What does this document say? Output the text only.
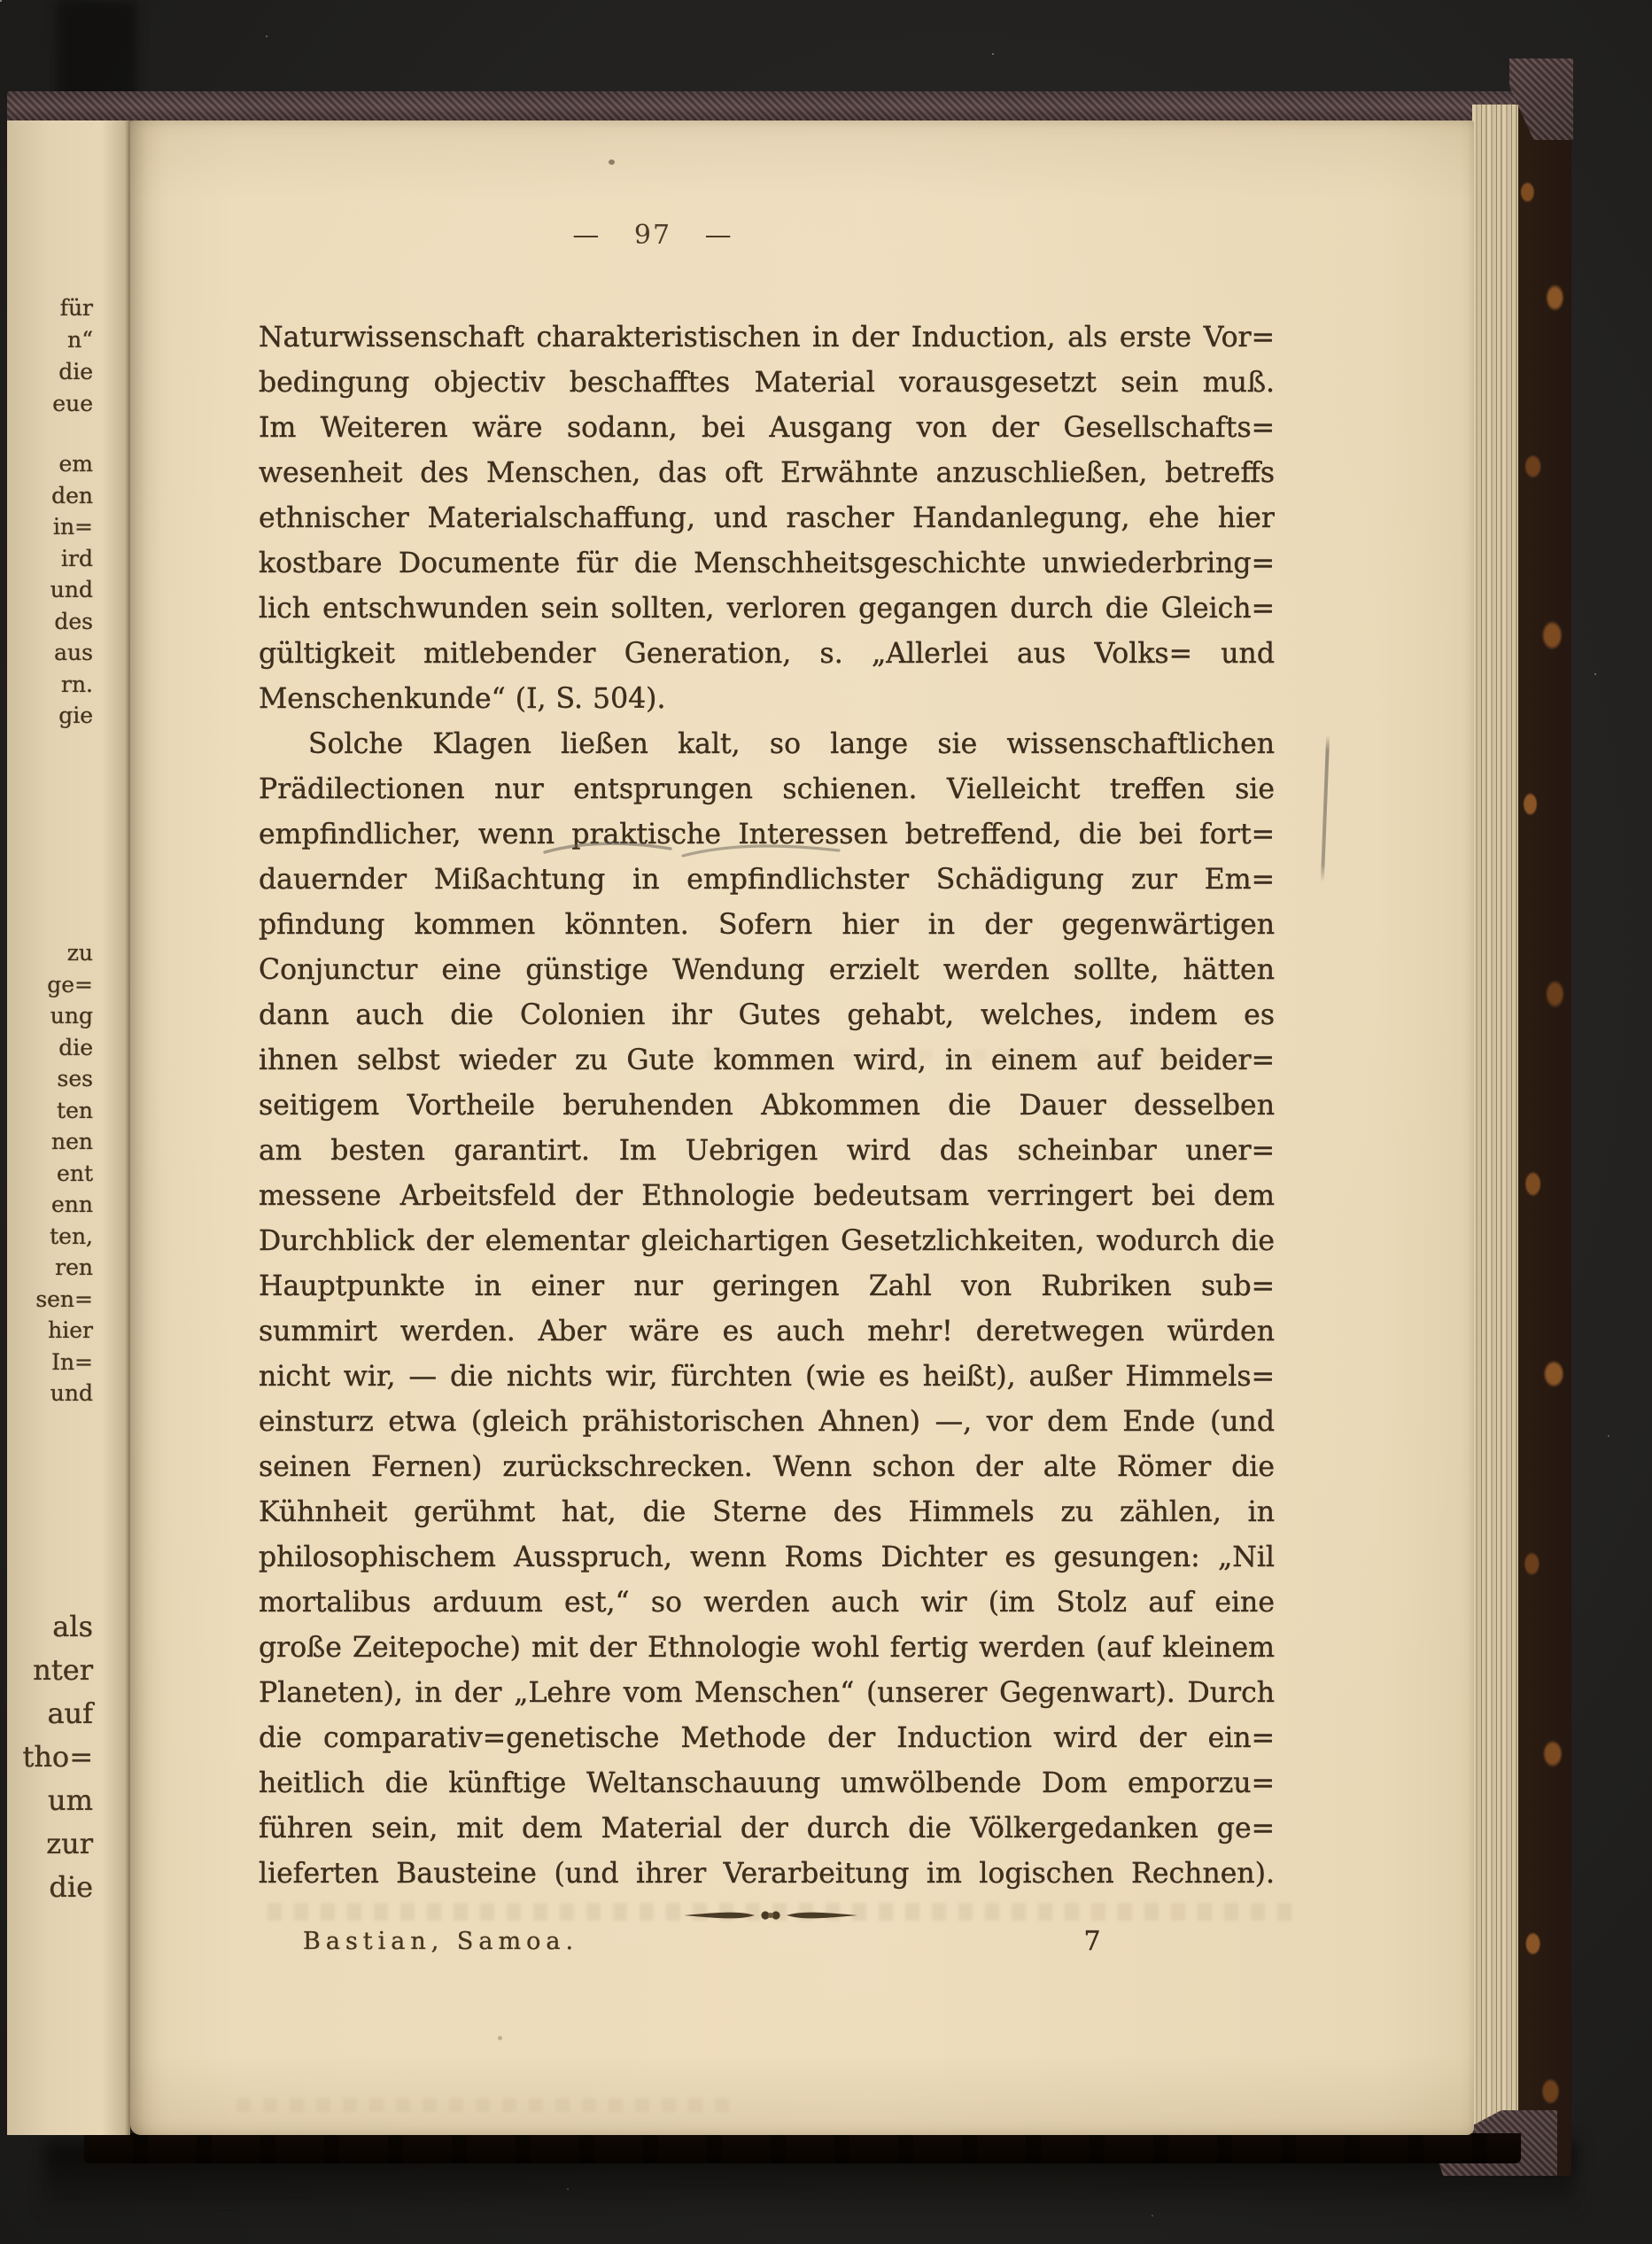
für
n“
die
eue
em
den
in=
ird
und
des
aus
rn.
gie
zu
ge=
ung
die
ses
ten
nen
ent
enn
ten,
ren
sen=
hier
In=
und
als
nter
auf
tho=
um
zur
die
— 97 —
Naturwissenschaft charakteristischen in der Induction, als erste Vor=
bedingung objectiv beschafftes Material vorausgesetzt sein muß.
Im Weiteren wäre sodann, bei Ausgang von der Gesellschafts=
wesenheit des Menschen, das oft Erwähnte anzuschließen, betreffs
ethnischer Materialschaffung, und rascher Handanlegung, ehe hier
kostbare Documente für die Menschheitsgeschichte unwiederbring=
lich entschwunden sein sollten, verloren gegangen durch die Gleich=
gültigkeit mitlebender Generation, s. „Allerlei aus Volks= und
Menschenkunde“ (I, S. 504).
Solche Klagen ließen kalt, so lange sie wissenschaftlichen
Prädilectionen nur entsprungen schienen. Vielleicht treffen sie
empfindlicher, wenn praktische Interessen betreffend, die bei fort=
dauernder Mißachtung in empfindlichster Schädigung zur Em=
pfindung kommen könnten. Sofern hier in der gegenwärtigen
Conjunctur eine günstige Wendung erzielt werden sollte, hätten
dann auch die Colonien ihr Gutes gehabt, welches, indem es
ihnen selbst wieder zu Gute kommen wird, in einem auf beider=
seitigem Vortheile beruhenden Abkommen die Dauer desselben
am besten garantirt. Im Uebrigen wird das scheinbar uner=
messene Arbeitsfeld der Ethnologie bedeutsam verringert bei dem
Durchblick der elementar gleichartigen Gesetzlichkeiten, wodurch die
Hauptpunkte in einer nur geringen Zahl von Rubriken sub=
summirt werden. Aber wäre es auch mehr! deretwegen würden
nicht wir, — die nichts wir, fürchten (wie es heißt), außer Himmels=
einsturz etwa (gleich prähistorischen Ahnen) —, vor dem Ende (und
seinen Fernen) zurückschrecken. Wenn schon der alte Römer die
Kühnheit gerühmt hat, die Sterne des Himmels zu zählen, in
philosophischem Ausspruch, wenn Roms Dichter es gesungen: „Nil
mortalibus arduum est,“ so werden auch wir (im Stolz auf eine
große Zeitepoche) mit der Ethnologie wohl fertig werden (auf kleinem
Planeten), in der „Lehre vom Menschen“ (unserer Gegenwart). Durch
die comparativ=genetische Methode der Induction wird der ein=
heitlich die künftige Weltanschauung umwölbende Dom emporzu=
führen sein, mit dem Material der durch die Völkergedanken ge=
lieferten Bausteine (und ihrer Verarbeitung im logischen Rechnen).
Bastian, Samoa.	7
